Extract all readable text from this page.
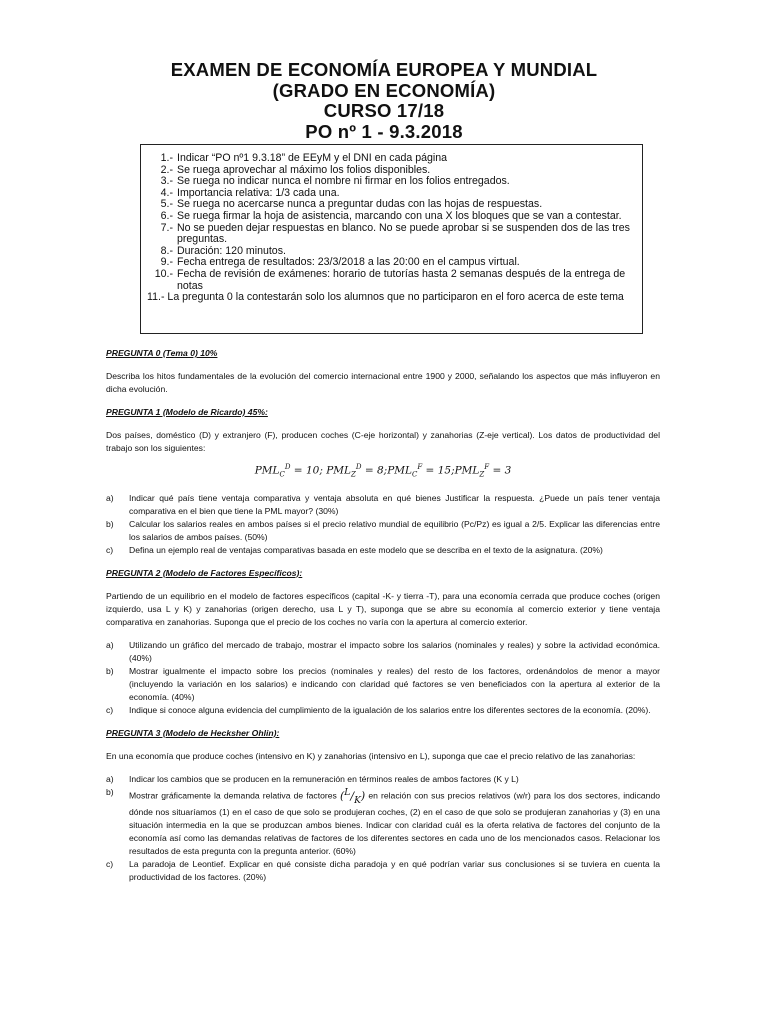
EXAMEN DE ECONOMÍA EUROPEA Y MUNDIAL
(GRADO EN ECONOMÍA)
CURSO 17/18
PO nº 1 - 9.3.2018
1.- Indicar “PO nº1 9.3.18” de EEyM y el DNI en cada página
2.- Se ruega aprovechar al máximo los folios disponibles.
3.- Se ruega no indicar nunca el nombre ni firmar en los folios entregados.
4.- Importancia relativa: 1/3 cada una.
5.- Se ruega no acercarse nunca a preguntar dudas con las hojas de respuestas.
6.- Se ruega firmar la hoja de asistencia, marcando con una X los bloques que se van a contestar.
7.- No se pueden dejar respuestas en blanco. No se puede aprobar si se suspenden dos de las tres preguntas.
8.- Duración: 120 minutos.
9.- Fecha entrega de resultados: 23/3/2018 a las 20:00 en el campus virtual.
10.- Fecha de revisión de exámenes: horario de tutorías hasta 2 semanas después de la entrega de notas
11.- La pregunta 0 la contestarán solo los alumnos que no participaron en el foro acerca de este tema
PREGUNTA 0 (Tema 0) 10%
Describa los hitos fundamentales de la evolución del comercio internacional entre 1900 y 2000, señalando los aspectos que más influyeron en dicha evolución.
PREGUNTA 1 (Modelo de Ricardo) 45%:
Dos países, doméstico (D) y extranjero (F), producen coches (C-eje horizontal) y zanahorias (Z-eje vertical). Los datos de productividad del trabajo son los siguientes:
$PML_C^D = 10$; $PML_Z^D$ = $8;PML_C^F$ = $15;PML_Z^F = 3$
a)	Indicar qué país tiene ventaja comparativa y ventaja absoluta en qué bienes Justificar la respuesta. ¿Puede un país tener ventaja comparativa en el bien que tiene la PML mayor? (30%)
b)	Calcular los salarios reales en ambos países si el precio relativo mundial de equilibrio (Pc/Pz) es igual a 2/5. Explicar las diferencias entre los salarios de ambos países. (50%)
c)	Defina un ejemplo real de ventajas comparativas basada en este modelo que se describa en el texto de la asignatura. (20%)
PREGUNTA 2 (Modelo de Factores Específicos):
Partiendo de un equilibrio en el modelo de factores específicos (capital -K- y tierra -T), para una economía cerrada que produce coches (origen izquierdo, usa L y K) y zanahorias (origen derecho, usa L y T), suponga que se abre su economía al comercio exterior y tiene ventaja comparativa en zanahorias. Suponga que el precio de los coches no varía con la apertura al comercio exterior.
a)	Utilizando un gráfico del mercado de trabajo, mostrar el impacto sobre los salarios (nominales y reales) y sobre la actividad económica. (40%)
b)	Mostrar igualmente el impacto sobre los precios (nominales y reales) del resto de los factores, ordenándolos de menor a mayor (incluyendo la variación en los salarios) e indicando con claridad qué factores se ven beneficiados con la apertura al exterior de la economía. (40%)
c)	Indique si conoce alguna evidencia del cumplimiento de la igualación de los salarios entre los diferentes sectores de la economía. (20%).
PREGUNTA 3 (Modelo de Hecksher Ohlin):
En una economía que produce coches (intensivo en K) y zanahorias (intensivo en L), suponga que cae el precio relativo de las zanahorias:
a)	Indicar los cambios que se producen en la remuneración en términos reales de ambos factores (K y L)
b)	Mostrar gráficamente la demanda relativa de factores $(^L/_K)$ en relación con sus precios relativos (w/r) para los dos sectores, indicando dónde nos situaríamos (1) en el caso de que solo se produjeran coches, (2) en el caso de que solo se produjeran zanahorias y (3) en una situación intermedia en la que se produzcan ambos bienes. Indicar con claridad cuál es la oferta relativa de factores del conjunto de la economía así como las demandas relativas de factores de los diferentes sectores en cada uno de los mencionados casos. Relacionar los resultados de esta pregunta con la pregunta anterior. (60%)
c)	La paradoja de Leontief. Explicar en qué consiste dicha paradoja y en qué podrían variar sus conclusiones si se tuviera en cuenta la productividad de los factores. (20%)
